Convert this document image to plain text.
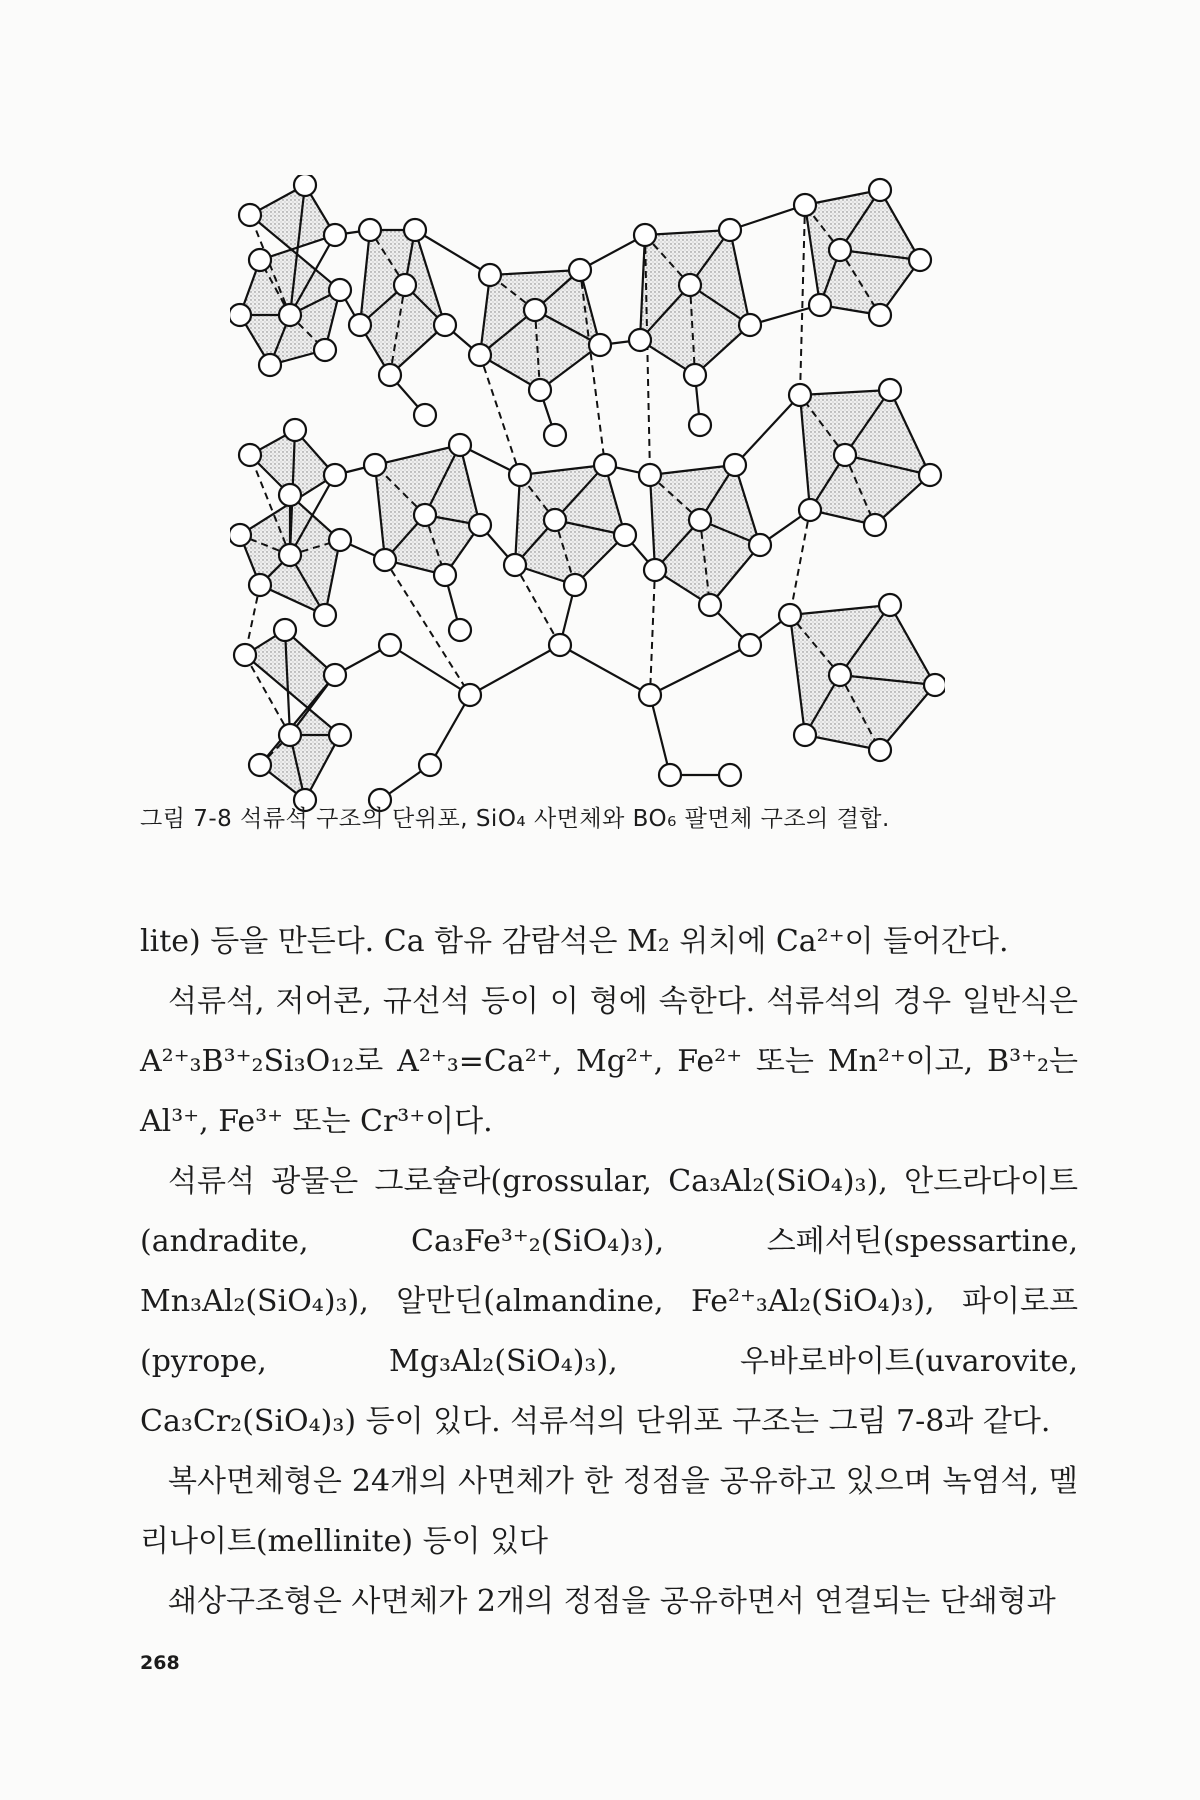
그림 7-8 석류석 구조의 단위포, SiO₄ 사면체와 BO₆ 팔면체 구조의 결합.

lite) 등을 만든다. Ca 함유 감람석은 M₂ 위치에 Ca²⁺이 들어간다.

석류석, 저어콘, 규선석 등이 이 형에 속한다. 석류석의 경우 일반식은 A²⁺₃B³⁺₂Si₃O₁₂로 A²⁺₃=Ca²⁺, Mg²⁺, Fe²⁺ 또는 Mn²⁺이고, B³⁺₂는 Al³⁺, Fe³⁺ 또는 Cr³⁺이다.

석류석 광물은 그로슐라(grossular, Ca₃Al₂(SiO₄)₃), 안드라다이트(andradite, Ca₃Fe³⁺₂(SiO₄)₃), 스페서틴(spessartine, Mn₃Al₂(SiO₄)₃), 알만딘(almandine, Fe²⁺₃Al₂(SiO₄)₃), 파이로프(pyrope, Mg₃Al₂(SiO₄)₃), 우바로바이트(uvarovite, Ca₃Cr₂(SiO₄)₃) 등이 있다. 석류석의 단위포 구조는 그림 7-8과 같다.

복사면체형은 24개의 사면체가 한 정점을 공유하고 있으며 녹염석, 멜리나이트(mellinite) 등이 있다

쇄상구조형은 사면체가 2개의 정점을 공유하면서 연결되는 단쇄형과

268
